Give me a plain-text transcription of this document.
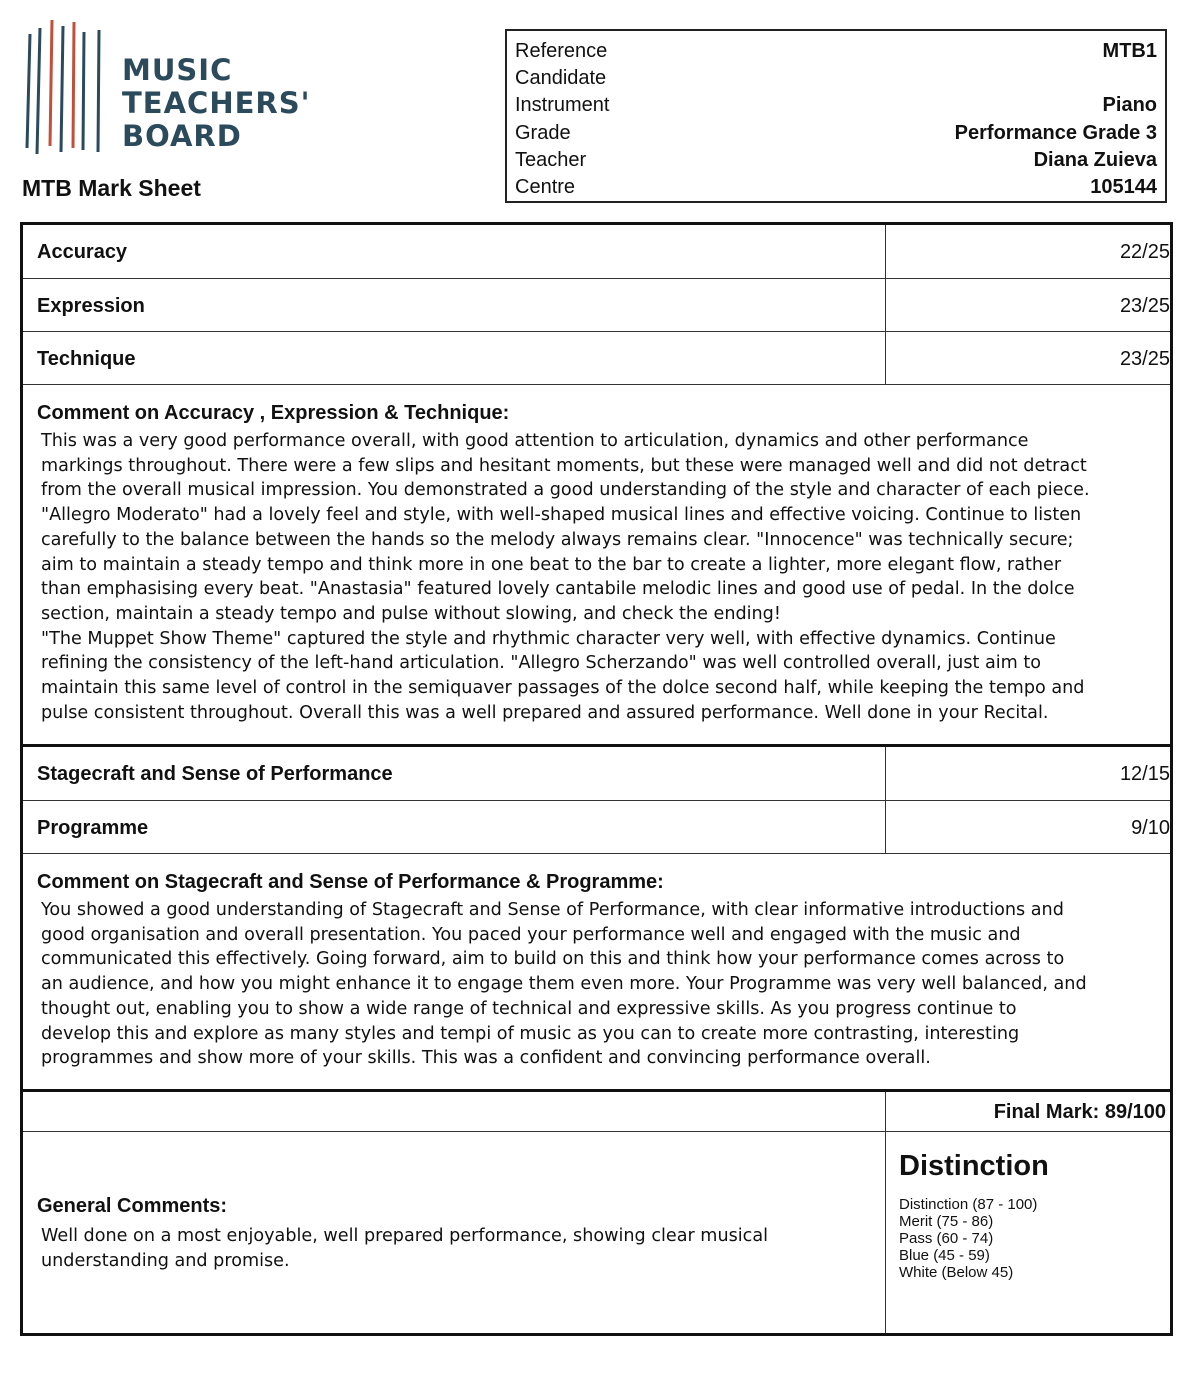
MUSIC
TEACHERS'
BOARD
MTB Mark Sheet
Reference	MTB1
Candidate
Instrument	Piano
Grade	Performance Grade 3
Teacher	Diana Zuieva
Centre	105144
Accuracy	22/25
Expression	23/25
Technique	23/25
Comment on Accuracy , Expression & Technique:
This was a very good performance overall, with good attention to articulation, dynamics and other performance
markings throughout. There were a few slips and hesitant moments, but these were managed well and did not detract
from the overall musical impression. You demonstrated a good understanding of the style and character of each piece.
"Allegro Moderato" had a lovely feel and style, with well-shaped musical lines and effective voicing. Continue to listen
carefully to the balance between the hands so the melody always remains clear. "Innocence" was technically secure;
aim to maintain a steady tempo and think more in one beat to the bar to create a lighter, more elegant flow, rather
than emphasising every beat. "Anastasia" featured lovely cantabile melodic lines and good use of pedal. In the dolce
section, maintain a steady tempo and pulse without slowing, and check the ending!
"The Muppet Show Theme" captured the style and rhythmic character very well, with effective dynamics. Continue
refining the consistency of the left-hand articulation. "Allegro Scherzando" was well controlled overall, just aim to
maintain this same level of control in the semiquaver passages of the dolce second half, while keeping the tempo and
pulse consistent throughout. Overall this was a well prepared and assured performance. Well done in your Recital.
Stagecraft and Sense of Performance	12/15
Programme	9/10
Comment on Stagecraft and Sense of Performance & Programme:
You showed a good understanding of Stagecraft and Sense of Performance, with clear informative introductions and
good organisation and overall presentation. You paced your performance well and engaged with the music and
communicated this effectively. Going forward, aim to build on this and think how your performance comes across to
an audience, and how you might enhance it to engage them even more. Your Programme was very well balanced, and
thought out, enabling you to show a wide range of technical and expressive skills. As you progress continue to
develop this and explore as many styles and tempi of music as you can to create more contrasting, interesting
programmes and show more of your skills. This was a confident and convincing performance overall.
Final Mark: 89/100
General Comments:
Well done on a most enjoyable, well prepared performance, showing clear musical
understanding and promise.
Distinction
Distinction (87 - 100)
Merit (75 - 86)
Pass (60 - 74)
Blue (45 - 59)
White (Below 45)
